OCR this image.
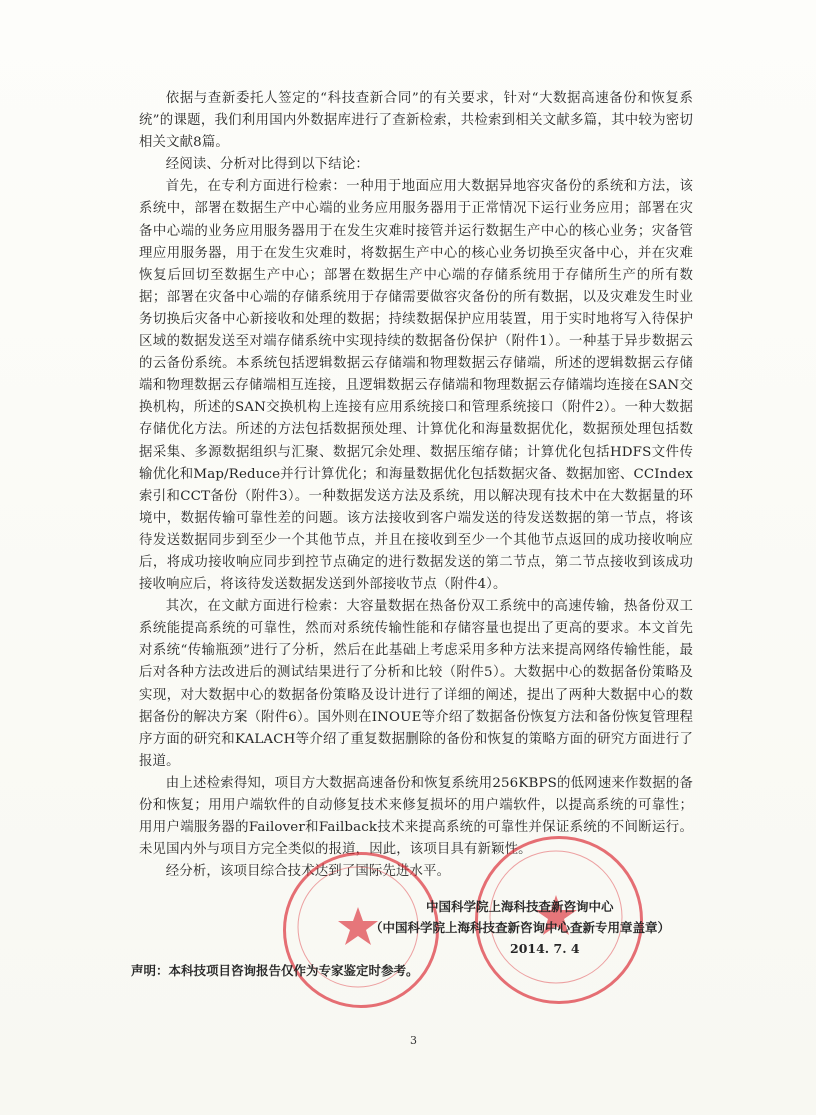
依据与查新委托人签定的“科技查新合同”的有关要求，针对“大数据高速备份和恢复系统”的课题，我们利用国内外数据库进行了查新检索，共检索到相关文献多篇，其中较为密切相关文献8篇。

经阅读、分析对比得到以下结论：

首先，在专利方面进行检索：一种用于地面应用大数据异地容灾备份的系统和方法，该系统中，部署在数据生产中心端的业务应用服务器用于正常情况下运行业务应用；部署在灾备中心端的业务应用服务器用于在发生灾难时接管并运行数据生产中心的核心业务；灾备管理应用服务器，用于在发生灾难时，将数据生产中心的核心业务切换至灾备中心，并在灾难恢复后回切至数据生产中心；部署在数据生产中心端的存储系统用于存储所生产的所有数据；部署在灾备中心端的存储系统用于存储需要做容灾备份的所有数据，以及灾难发生时业务切换后灾备中心新接收和处理的数据；持续数据保护应用装置，用于实时地将写入待保护区域的数据发送至对端存储系统中实现持续的数据备份保护（附件1）。一种基于异步数据云的云备份系统。本系统包括逻辑数据云存储端和物理数据云存储端，所述的逻辑数据云存储端和物理数据云存储端相互连接，且逻辑数据云存储端和物理数据云存储端均连接在SAN交换机构，所述的SAN交换机构上连接有应用系统接口和管理系统接口（附件2）。一种大数据存储优化方法。所述的方法包括数据预处理、计算优化和海量数据优化，数据预处理包括数据采集、多源数据组织与汇聚、数据冗余处理、数据压缩存储；计算优化包括HDFS文件传输优化和Map/Reduce并行计算优化；和海量数据优化包括数据灾备、数据加密、CCIndex索引和CCT备份（附件3）。一种数据发送方法及系统，用以解决现有技术中在大数据量的环境中，数据传输可靠性差的问题。该方法接收到客户端发送的待发送数据的第一节点，将该待发送数据同步到至少一个其他节点，并且在接收到至少一个其他节点返回的成功接收响应后，将成功接收响应同步到控节点确定的进行数据发送的第二节点，第二节点接收到该成功接收响应后，将该待发送数据发送到外部接收节点（附件4）。

其次，在文献方面进行检索：大容量数据在热备份双工系统中的高速传输，热备份双工系统能提高系统的可靠性，然而对系统传输性能和存储容量也提出了更高的要求。本文首先对系统“传输瓶颈”进行了分析，然后在此基础上考虑采用多种方法来提高网络传输性能，最后对各种方法改进后的测试结果进行了分析和比较（附件5）。大数据中心的数据备份策略及实现，对大数据中心的数据备份策略及设计进行了详细的阐述，提出了两种大数据中心的数据备份的解决方案（附件6）。国外则在INOUE等介绍了数据备份恢复方法和备份恢复管理程序方面的研究和KALACH等介绍了重复数据删除的备份和恢复的策略方面的研究方面进行了报道。

由上述检索得知，项目方大数据高速备份和恢复系统用256KBPS的低网速来作数据的备份和恢复；用用户端软件的自动修复技术来修复损坏的用户端软件，以提高系统的可靠性；用用户端服务器的Failover和Failback技术来提高系统的可靠性并保证系统的不间断运行。未见国内外与项目方完全类似的报道，因此，该项目具有新颖性。

经分析，该项目综合技术达到了国际先进水平。

中国科学院上海科技查新咨询中心
（中国科学院上海科技查新咨询中心查新专用章盖章）
2014. 7. 4
声明：本科技项目咨询报告仅作为专家鉴定时参考。
3
